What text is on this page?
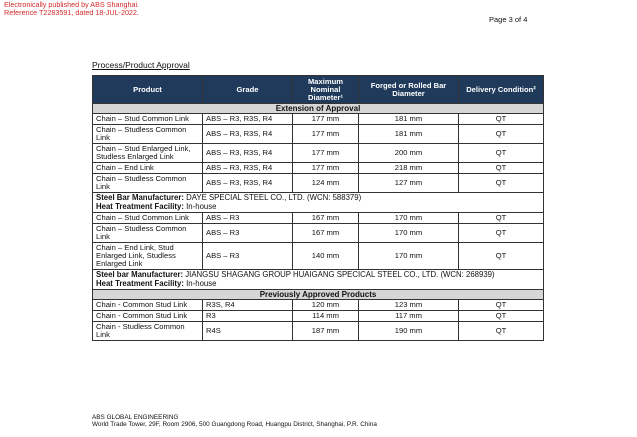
Electronically published by ABS Shanghai.
Reference T2283591, dated 18-JUL-2022.
Page 3 of 4
Process/Product Approval
Product	Grade	Maximum Nominal Diameter¹	Forged or Rolled Bar Diameter	Delivery Condition²
Extension of Approval				
Chain – Stud Common Link	ABS – R3, R3S, R4	177 mm	181 mm	QT
Chain – Studless Common Link	ABS – R3, R3S, R4	177 mm	181 mm	QT
Chain – Stud Enlarged Link, Studless Enlarged Link	ABS – R3, R3S, R4	177 mm	200 mm	QT
Chain – End Link	ABS – R3, R3S, R4	177 mm	218 mm	QT
Chain – Studless Common Link	ABS – R3, R3S, R4	124 mm	127 mm	QT

Steel Bar Manufacturer: DAYE SPECIAL STEEL CO., LTD. (WCN: 588379)
Heat Treatment Facility: In-house				

Chain – Stud Common Link	ABS – R3	167 mm	170 mm	QT
Chain – Studless Common Link	ABS – R3	167 mm	170 mm	QT
Chain – End Link, Stud Enlarged Link, Studless Enlarged Link	ABS – R3	140 mm	170 mm	QT

Steel bar Manufacturer: JIANGSU SHAGANG GROUP HUAIGANG SPECICAL STEEL CO., LTD. (WCN: 268939)
Heat Treatment Facility: In-house				

Previously Approved Products				
Chain - Common Stud Link	R3S, R4	120 mm	123 mm	QT
Chain - Common Stud Link	R3	114 mm	117 mm	QT
Chain - Studless Common Link	R4S	187 mm	190 mm	QT
ABS GLOBAL ENGINEERING
World Trade Tower, 29F, Room 2906, 500 Guangdong Road, Huangpu District, Shanghai, P.R. China
